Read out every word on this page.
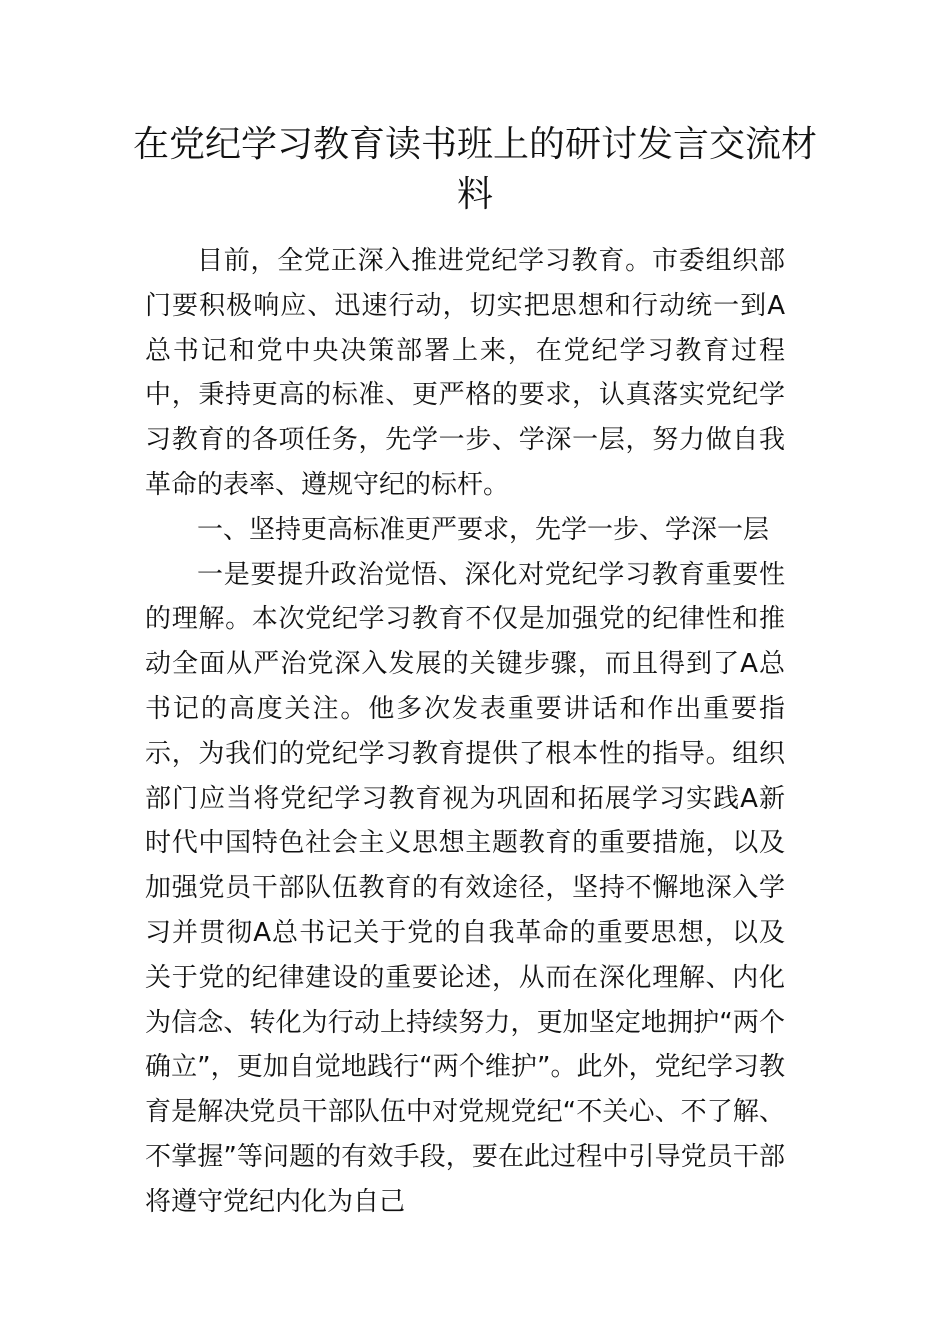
在党纪学习教育读书班上的研讨发言交流材料

目前，全党正深入推进党纪学习教育。市委组织部门要积极响应、迅速行动，切实把思想和行动统一到A总书记和党中央决策部署上来，在党纪学习教育过程中，秉持更高的标准、更严格的要求，认真落实党纪学习教育的各项任务，先学一步、学深一层，努力做自我革命的表率、遵规守纪的标杆。

一、坚持更高标准更严要求，先学一步、学深一层

一是要提升政治觉悟、深化对党纪学习教育重要性的理解。本次党纪学习教育不仅是加强党的纪律性和推动全面从严治党深入发展的关键步骤，而且得到了A总书记的高度关注。他多次发表重要讲话和作出重要指示，为我们的党纪学习教育提供了根本性的指导。组织部门应当将党纪学习教育视为巩固和拓展学习实践A新时代中国特色社会主义思想主题教育的重要措施，以及加强党员干部队伍教育的有效途径，坚持不懈地深入学习并贯彻A总书记关于党的自我革命的重要思想，以及关于党的纪律建设的重要论述，从而在深化理解、内化为信念、转化为行动上持续努力，更加坚定地拥护“两个确立”，更加自觉地践行“两个维护”。此外，党纪学习教育是解决党员干部队伍中对党规党纪“不关心、不了解、不掌握”等问题的有效手段，要在此过程中引导党员干部将遵守党纪内化为自己
